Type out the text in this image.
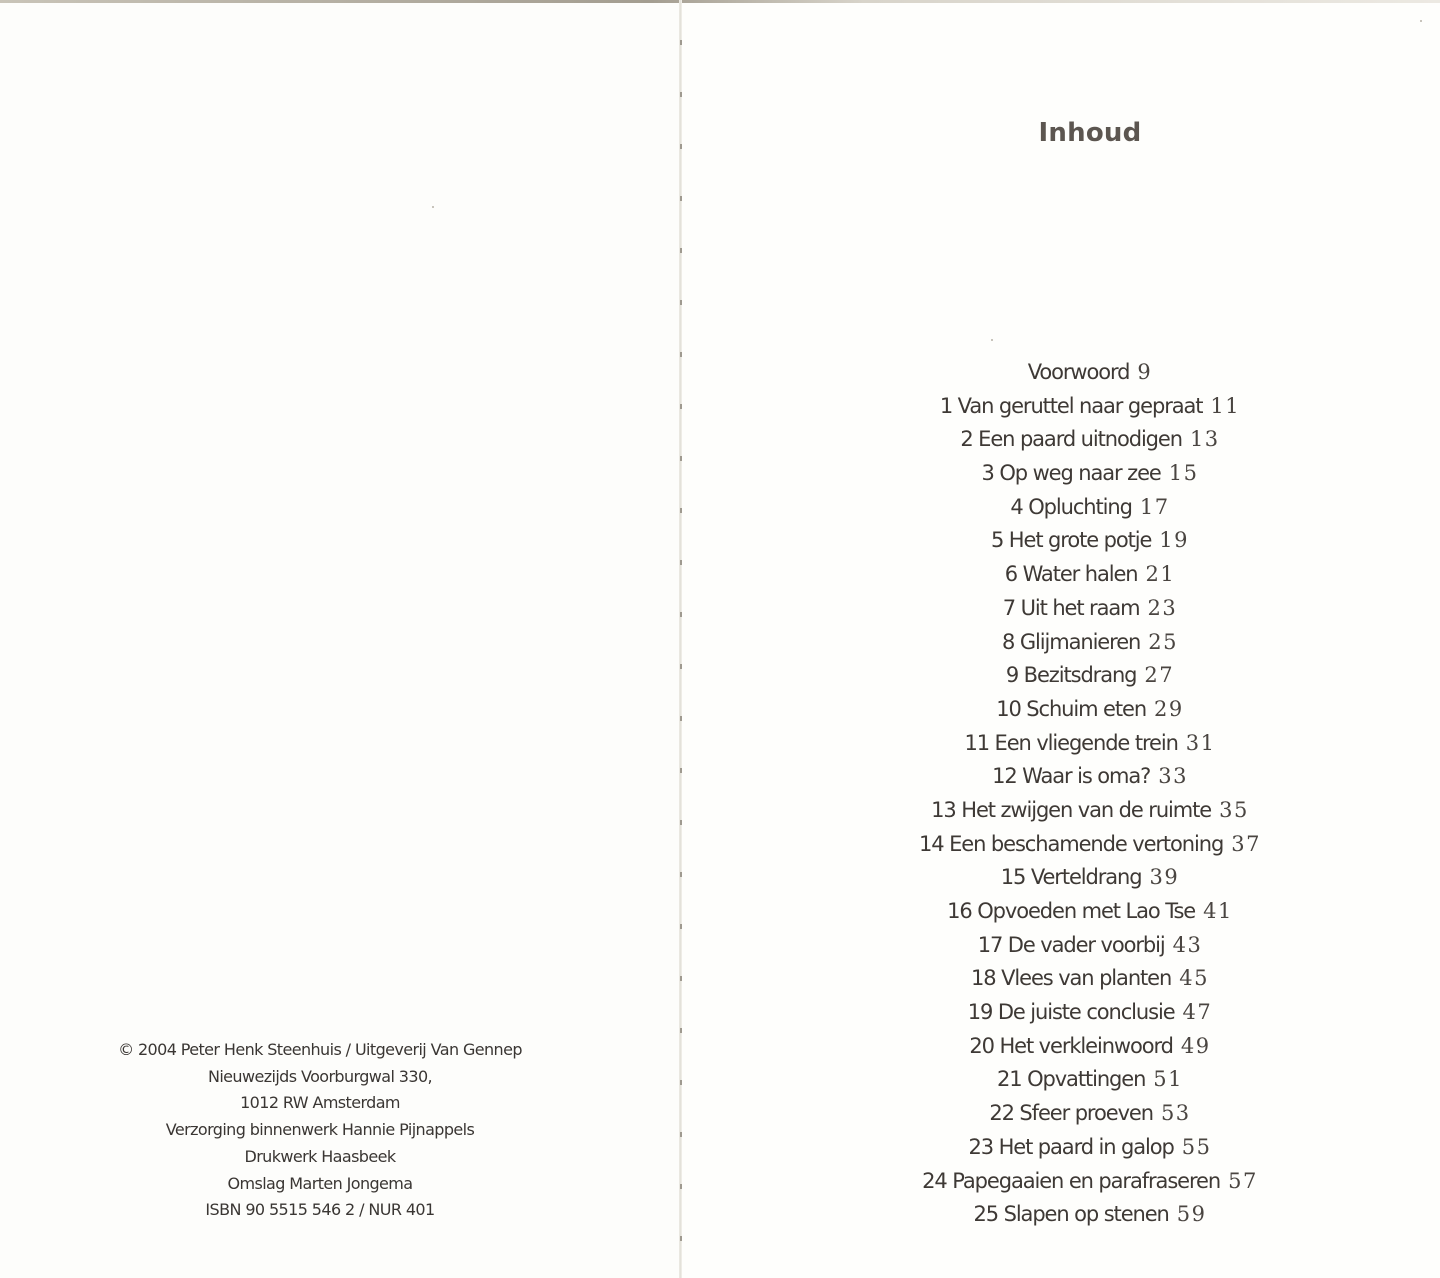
© 2004 Peter Henk Steenhuis / Uitgeverij Van Gennep
Nieuwezijds Voorburgwal 330,
1012 RW Amsterdam
Verzorging binnenwerk Hannie Pijnappels
Drukwerk Haasbeek
Omslag Marten Jongema
ISBN 90 5515 546 2 / NUR 401
Inhoud
Voorwoord 9
1 Van geruttel naar gepraat 11
2 Een paard uitnodigen 13
3 Op weg naar zee 15
4 Opluchting 17
5 Het grote potje 19
6 Water halen 21
7 Uit het raam 23
8 Glijmanieren 25
9 Bezitsdrang 27
10 Schuim eten 29
11 Een vliegende trein 31
12 Waar is oma? 33
13 Het zwijgen van de ruimte 35
14 Een beschamende vertoning 37
15 Verteldrang 39
16 Opvoeden met Lao Tse 41
17 De vader voorbij 43
18 Vlees van planten 45
19 De juiste conclusie 47
20 Het verkleinwoord 49
21 Opvattingen 51
22 Sfeer proeven 53
23 Het paard in galop 55
24 Papegaaien en parafraseren 57
25 Slapen op stenen 59
